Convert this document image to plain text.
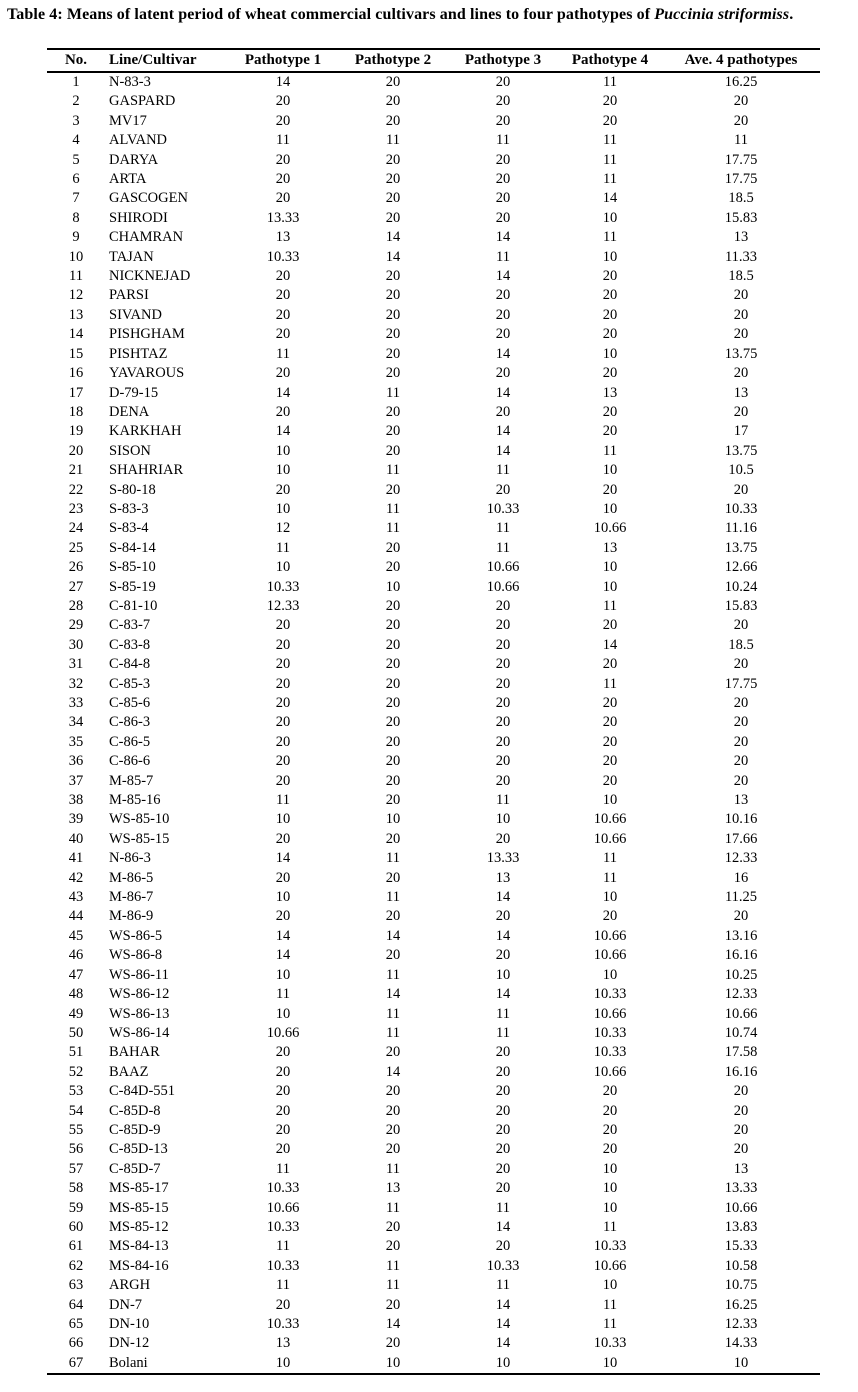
Table 4: Means of latent period of wheat commercial cultivars and lines to four pathotypes of Puccinia striformiss.
No.	Line/Cultivar	Pathotype 1	Pathotype 2	Pathotype 3	Pathotype 4	Ave. 4 pathotypes
1	N-83-3	14	20	20	11	16.25
2	GASPARD	20	20	20	20	20
3	MV17	20	20	20	20	20
4	ALVAND	11	11	11	11	11
5	DARYA	20	20	20	11	17.75
6	ARTA	20	20	20	11	17.75
7	GASCOGEN	20	20	20	14	18.5
8	SHIRODI	13.33	20	20	10	15.83
9	CHAMRAN	13	14	14	11	13
10	TAJAN	10.33	14	11	10	11.33
11	NICKNEJAD	20	20	14	20	18.5
12	PARSI	20	20	20	20	20
13	SIVAND	20	20	20	20	20
14	PISHGHAM	20	20	20	20	20
15	PISHTAZ	11	20	14	10	13.75
16	YAVAROUS	20	20	20	20	20
17	D-79-15	14	11	14	13	13
18	DENA	20	20	20	20	20
19	KARKHAH	14	20	14	20	17
20	SISON	10	20	14	11	13.75
21	SHAHRIAR	10	11	11	10	10.5
22	S-80-18	20	20	20	20	20
23	S-83-3	10	11	10.33	10	10.33
24	S-83-4	12	11	11	10.66	11.16
25	S-84-14	11	20	11	13	13.75
26	S-85-10	10	20	10.66	10	12.66
27	S-85-19	10.33	10	10.66	10	10.24
28	C-81-10	12.33	20	20	11	15.83
29	C-83-7	20	20	20	20	20
30	C-83-8	20	20	20	14	18.5
31	C-84-8	20	20	20	20	20
32	C-85-3	20	20	20	11	17.75
33	C-85-6	20	20	20	20	20
34	C-86-3	20	20	20	20	20
35	C-86-5	20	20	20	20	20
36	C-86-6	20	20	20	20	20
37	M-85-7	20	20	20	20	20
38	M-85-16	11	20	11	10	13
39	WS-85-10	10	10	10	10.66	10.16
40	WS-85-15	20	20	20	10.66	17.66
41	N-86-3	14	11	13.33	11	12.33
42	M-86-5	20	20	13	11	16
43	M-86-7	10	11	14	10	11.25
44	M-86-9	20	20	20	20	20
45	WS-86-5	14	14	14	10.66	13.16
46	WS-86-8	14	20	20	10.66	16.16
47	WS-86-11	10	11	10	10	10.25
48	WS-86-12	11	14	14	10.33	12.33
49	WS-86-13	10	11	11	10.66	10.66
50	WS-86-14	10.66	11	11	10.33	10.74
51	BAHAR	20	20	20	10.33	17.58
52	BAAZ	20	14	20	10.66	16.16
53	C-84D-551	20	20	20	20	20
54	C-85D-8	20	20	20	20	20
55	C-85D-9	20	20	20	20	20
56	C-85D-13	20	20	20	20	20
57	C-85D-7	11	11	20	10	13
58	MS-85-17	10.33	13	20	10	13.33
59	MS-85-15	10.66	11	11	10	10.66
60	MS-85-12	10.33	20	14	11	13.83
61	MS-84-13	11	20	20	10.33	15.33
62	MS-84-16	10.33	11	10.33	10.66	10.58
63	ARGH	11	11	11	10	10.75
64	DN-7	20	20	14	11	16.25
65	DN-10	10.33	14	14	11	12.33
66	DN-12	13	20	14	10.33	14.33
67	Bolani	10	10	10	10	10
